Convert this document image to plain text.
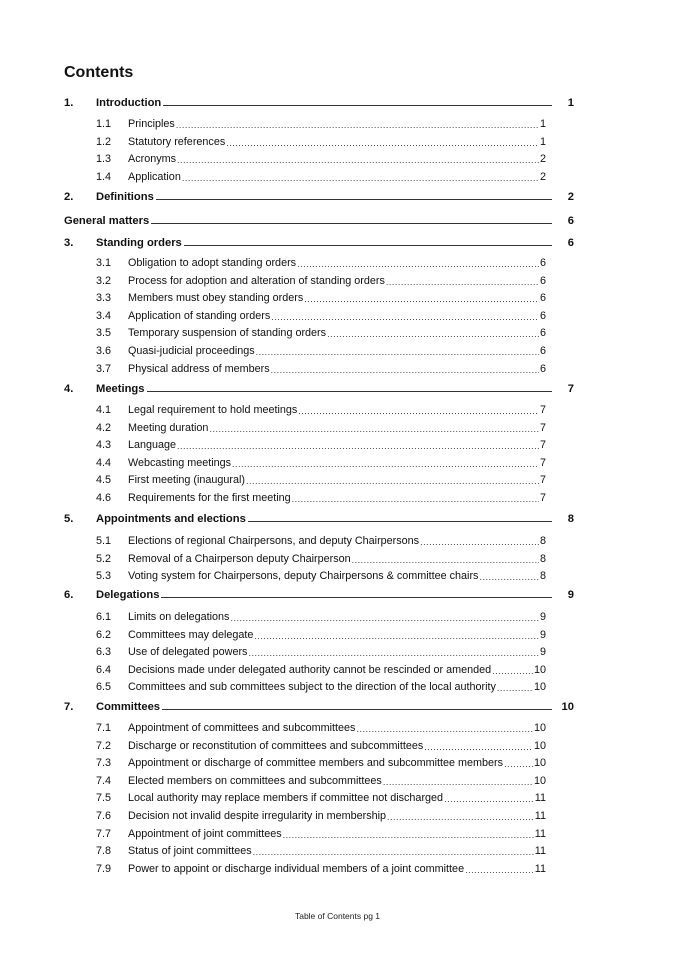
Contents
1.	Introduction	1
1.1	Principles .....	1
1.2	Statutory references .....	1
1.3	Acronyms .....	2
1.4	Application .....	2
2.	Definitions	2
General matters	6
3.	Standing orders	6
3.1	Obligation to adopt standing orders .....	6
3.2	Process for adoption and alteration of standing orders .....	6
3.3	Members must obey standing orders .....	6
3.4	Application of standing orders .....	6
3.5	Temporary suspension of standing orders .....	6
3.6	Quasi-judicial proceedings .....	6
3.7	Physical address of members .....	6
4.	Meetings	7
4.1	Legal requirement to hold meetings .....	7
4.2	Meeting duration .....	7
4.3	Language .....	7
4.4	Webcasting meetings .....	7
4.5	First meeting (inaugural) .....	7
4.6	Requirements for the first meeting .....	7
5.	Appointments and elections	8
5.1	Elections of regional Chairpersons, and deputy Chairpersons .....	8
5.2	Removal of a Chairperson deputy Chairperson .....	8
5.3	Voting system for Chairpersons, deputy Chairpersons & committee chairs .....	8
6.	Delegations	9
6.1	Limits on delegations .....	9
6.2	Committees may delegate .....	9
6.3	Use of delegated powers .....	9
6.4	Decisions made under delegated authority cannot be rescinded or amended .....	10
6.5	Committees and sub committees subject to the direction of the local authority .....	10
7.	Committees	10
7.1	Appointment of committees and subcommittees .....	10
7.2	Discharge or reconstitution of committees and subcommittees .....	10
7.3	Appointment or discharge of committee members and subcommittee members .....	10
7.4	Elected members on committees and subcommittees .....	10
7.5	Local authority may replace members if committee not discharged .....	11
7.6	Decision not invalid despite irregularity in membership .....	11
7.7	Appointment of joint committees .....	11
7.8	Status of joint committees .....	11
7.9	Power to appoint or discharge individual members of a joint committee .....	11
Table of Contents pg 1
